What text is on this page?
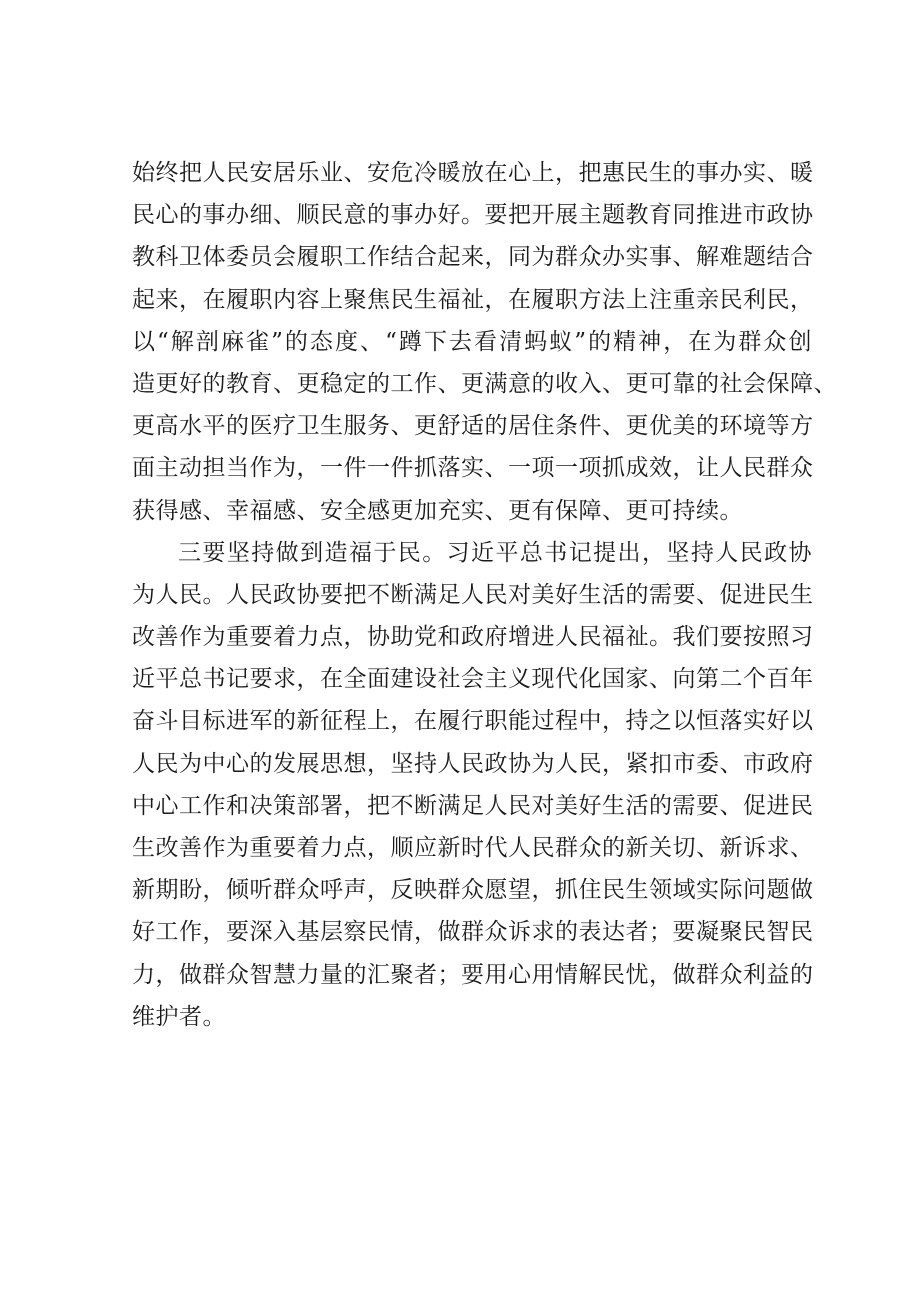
始终把人民安居乐业、安危冷暖放在心上，把惠民生的事办实、暖
民心的事办细、顺民意的事办好。要把开展主题教育同推进市政协
教科卫体委员会履职工作结合起来，同为群众办实事、解难题结合
起来，在履职内容上聚焦民生福祉，在履职方法上注重亲民利民，
以“解剖麻雀”的态度、“蹲下去看清蚂蚁”的精神，在为群众创
造更好的教育、更稳定的工作、更满意的收入、更可靠的社会保障、
更高水平的医疗卫生服务、更舒适的居住条件、更优美的环境等方
面主动担当作为，一件一件抓落实、一项一项抓成效，让人民群众
获得感、幸福感、安全感更加充实、更有保障、更可持续。
三要坚持做到造福于民。习近平总书记提出，坚持人民政协
为人民。人民政协要把不断满足人民对美好生活的需要、促进民生
改善作为重要着力点，协助党和政府增进人民福祉。我们要按照习
近平总书记要求，在全面建设社会主义现代化国家、向第二个百年
奋斗目标进军的新征程上，在履行职能过程中，持之以恒落实好以
人民为中心的发展思想，坚持人民政协为人民，紧扣市委、市政府
中心工作和决策部署，把不断满足人民对美好生活的需要、促进民
生改善作为重要着力点，顺应新时代人民群众的新关切、新诉求、
新期盼，倾听群众呼声，反映群众愿望，抓住民生领域实际问题做
好工作，要深入基层察民情，做群众诉求的表达者；要凝聚民智民
力，做群众智慧力量的汇聚者；要用心用情解民忧，做群众利益的
维护者。
